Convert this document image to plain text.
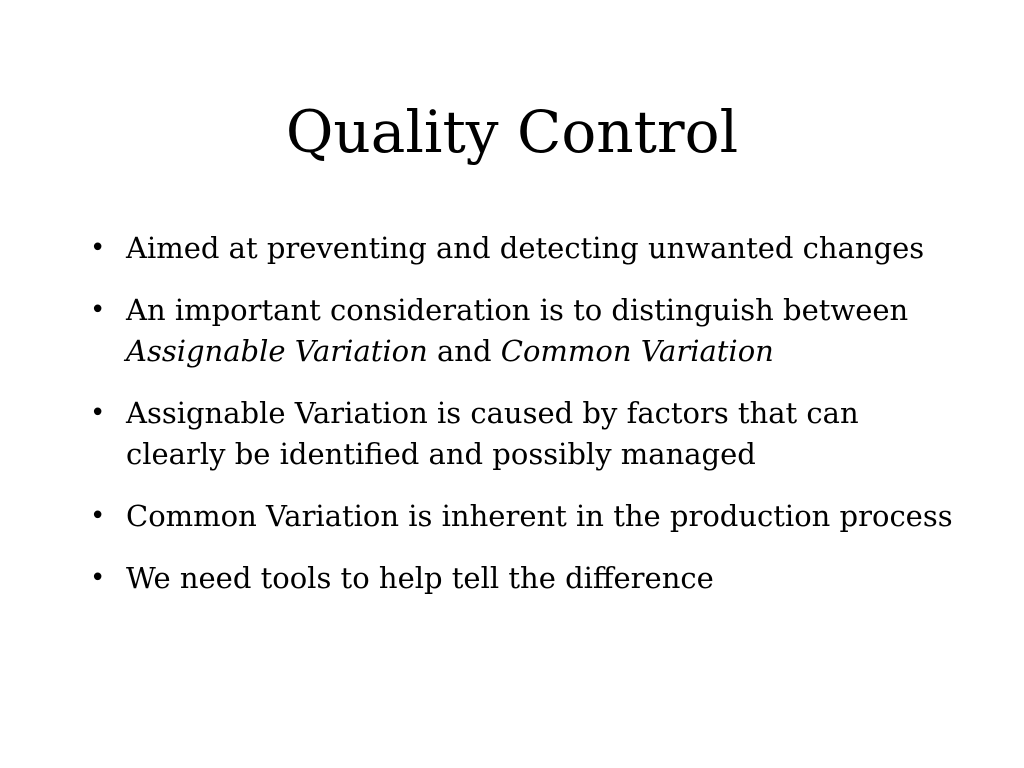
Quality Control
• Aimed at preventing and detecting unwanted changes
• An important consideration is to distinguish between Assignable Variation and Common Variation
• Assignable Variation is caused by factors that can clearly be identified and possibly managed
• Common Variation is inherent in the production process
• We need tools to help tell the difference
